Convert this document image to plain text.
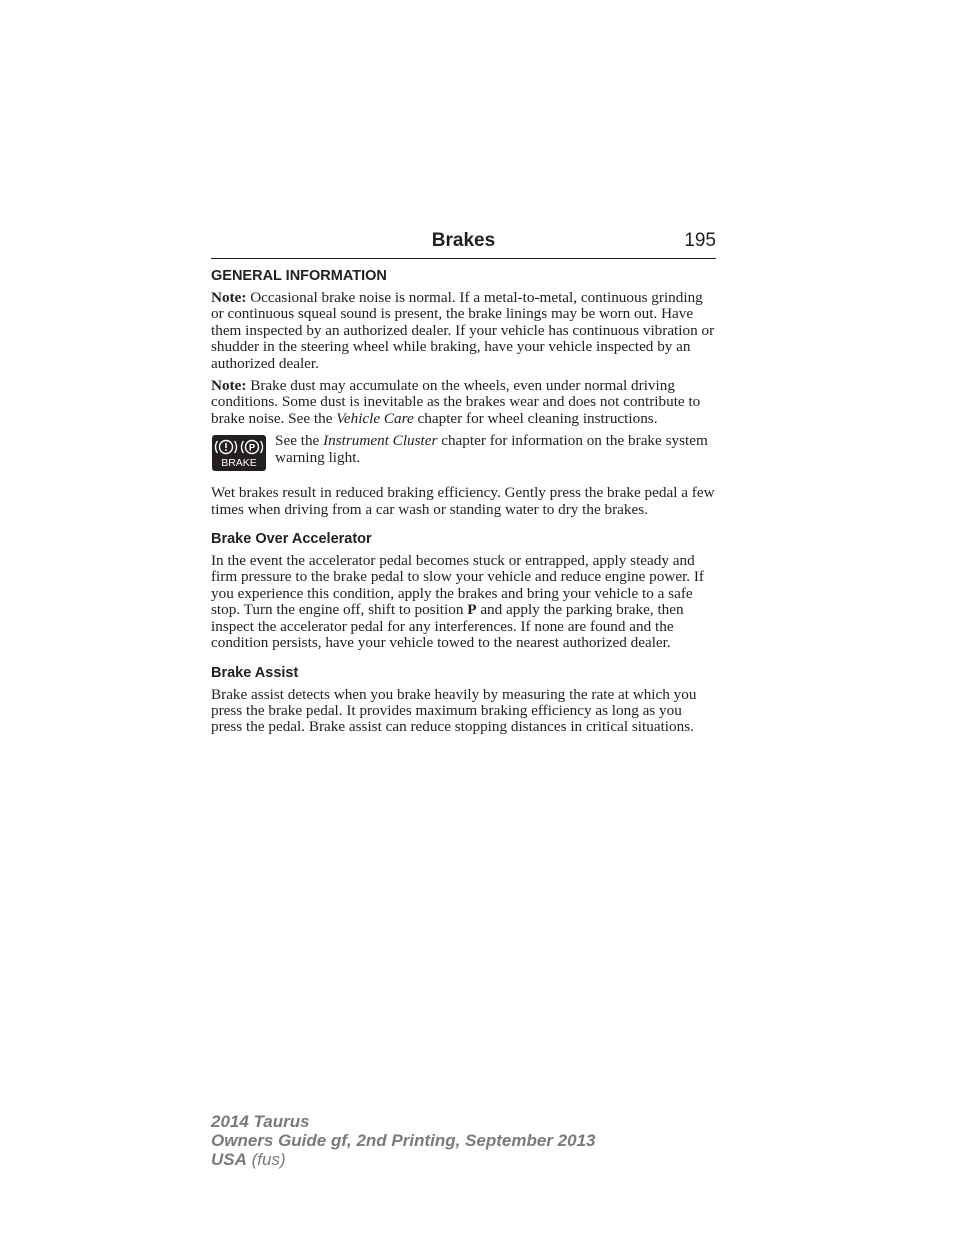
Brakes	195
GENERAL INFORMATION

Note: Occasional brake noise is normal. If a metal-to-metal, continuous grinding or continuous squeal sound is present, the brake linings may be worn out. Have them inspected by an authorized dealer. If your vehicle has continuous vibration or shudder in the steering wheel while braking, have your vehicle inspected by an authorized dealer.

Note: Brake dust may accumulate on the wheels, even under normal driving conditions. Some dust is inevitable as the brakes wear and does not contribute to brake noise. See the Vehicle Care chapter for wheel cleaning instructions.

P
BRAKE

See the Instrument Cluster chapter for information on the brake system warning light.

Wet brakes result in reduced braking efficiency. Gently press the brake pedal a few times when driving from a car wash or standing water to dry the brakes.

Brake Over Accelerator

In the event the accelerator pedal becomes stuck or entrapped, apply steady and firm pressure to the brake pedal to slow your vehicle and reduce engine power. If you experience this condition, apply the brakes and bring your vehicle to a safe stop. Turn the engine off, shift to position P and apply the parking brake, then inspect the accelerator pedal for any interferences. If none are found and the condition persists, have your vehicle towed to the nearest authorized dealer.

Brake Assist

Brake assist detects when you brake heavily by measuring the rate at which you press the brake pedal. It provides maximum braking efficiency as long as you press the pedal. Brake assist can reduce stopping distances in critical situations.

2014 Taurus
Owners Guide gf, 2nd Printing, September 2013
USA (fus)
